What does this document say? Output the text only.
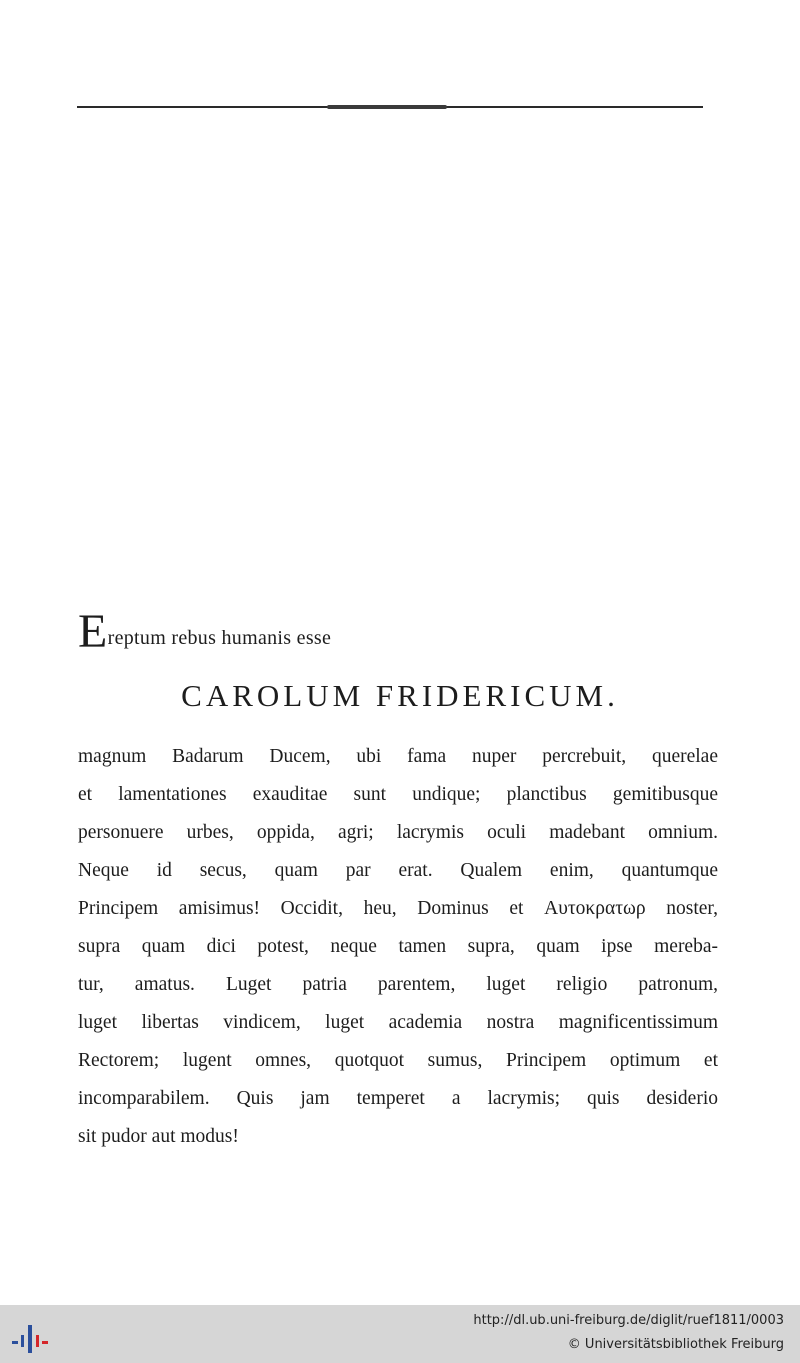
Ereptum rebus humanis esse
CAROLUM FRIDERICUM.
magnum Badarum Ducem, ubi fama nuper percrebuit, querelae
et lamentationes exauditae sunt undique; planctibus gemitibusque
personuere urbes, oppida, agri; lacrymis oculi madebant omnium.
Neque id secus, quam par erat. Qualem enim, quantumque
Principem amisimus! Occidit, heu, Dominus et Αυτοκρατωρ noster,
supra quam dici potest, neque tamen supra, quam ipse mereba-
tur, amatus. Luget patria parentem, luget religio patronum,
luget libertas vindicem, luget academia nostra magnificentissimum
Rectorem; lugent omnes, quotquot sumus, Principem optimum et
incomparabilem. Quis jam temperet a lacrymis; quis desiderio
sit pudor aut modus!
http://dl.ub.uni-freiburg.de/diglit/ruef1811/0003
© Universitätsbibliothek Freiburg
